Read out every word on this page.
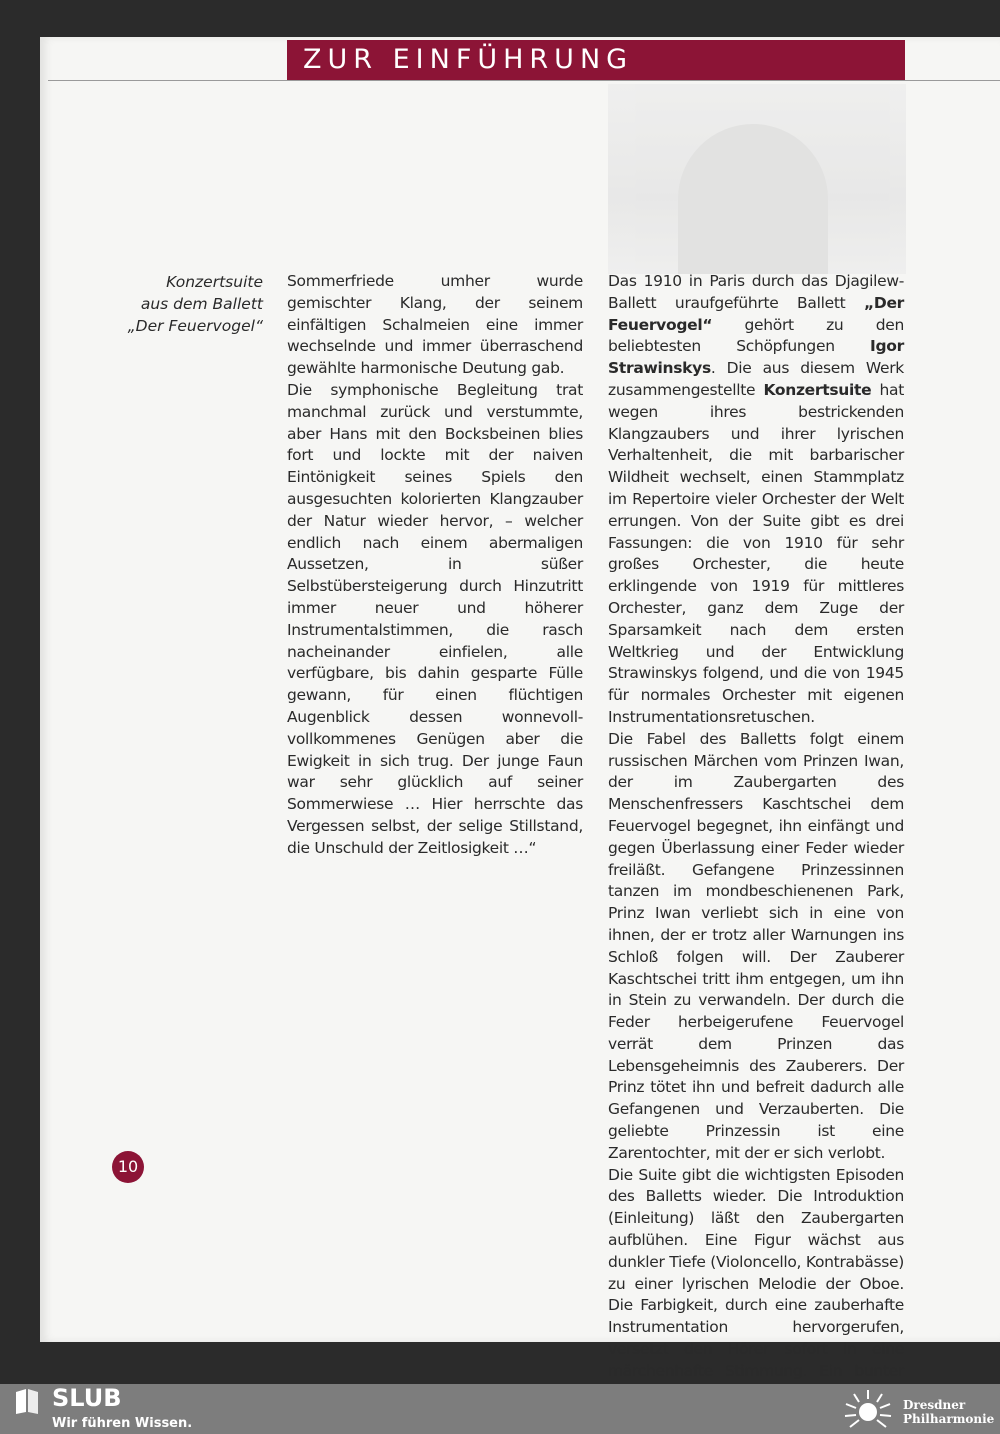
ZUR EINFÜHRUNG
Konzertsuite
aus dem Ballett
„Der Feuervogel“

Sommerfriede umher wurde gemischter Klang, der seinem einfältigen Schalmeien eine immer wechselnde und immer überraschend gewählte harmonische Deutung gab.

Die symphonische Begleitung trat manchmal zurück und verstummte, aber Hans mit den Bocksbeinen blies fort und lockte mit der naiven Eintönigkeit seines Spiels den ausgesuchten kolorierten Klangzauber der Natur wieder hervor, – welcher endlich nach einem abermaligen Aussetzen, in süßer Selbstübersteigerung durch Hinzutritt immer neuer und höherer Instrumentalstimmen, die rasch nacheinander einfielen, alle verfügbare, bis dahin gesparte Fülle gewann, für einen flüchtigen Augenblick dessen wonnevoll-vollkommenes Genügen aber die Ewigkeit in sich trug. Der junge Faun war sehr glücklich auf seiner Sommerwiese … Hier herrschte das Vergessen selbst, der selige Stillstand, die Unschuld der Zeitlosigkeit …“

Das 1910 in Paris durch das Djagilew-Ballett uraufgeführte Ballett „Der Feuervogel“ gehört zu den beliebtesten Schöpfungen Igor Strawinskys. Die aus diesem Werk zusammengestellte Konzertsuite hat wegen ihres bestrickenden Klangzaubers und ihrer lyrischen Verhaltenheit, die mit barbarischer Wildheit wechselt, einen Stammplatz im Repertoire vieler Orchester der Welt errungen. Von der Suite gibt es drei Fassungen: die von 1910 für sehr großes Orchester, die heute erklingende von 1919 für mittleres Orchester, ganz dem Zuge der Sparsamkeit nach dem ersten Weltkrieg und der Entwicklung Strawinskys folgend, und die von 1945 für normales Orchester mit eigenen Instrumentationsretuschen.

Die Fabel des Balletts folgt einem russischen Märchen vom Prinzen Iwan, der im Zaubergarten des Menschenfressers Kaschtschei dem Feuervogel begegnet, ihn einfängt und gegen Überlassung einer Feder wieder freiläßt. Gefangene Prinzessinnen tanzen im mondbeschienenen Park, Prinz Iwan verliebt sich in eine von ihnen, der er trotz aller Warnungen ins Schloß folgen will. Der Zauberer Kaschtschei tritt ihm entgegen, um ihn in Stein zu verwandeln. Der durch die Feder herbeigerufene Feuervogel verrät dem Prinzen das Lebensgeheimnis des Zauberers. Der Prinz tötet ihn und befreit dadurch alle Gefangenen und Verzauberten. Die geliebte Prinzessin ist eine Zarentochter, mit der er sich verlobt.

Die Suite gibt die wichtigsten Episoden des Balletts wieder. Die Introduktion (Einleitung) läßt den Zaubergarten aufblühen. Eine Figur wächst aus dunkler Tiefe (Violoncello, Kontrabässe) zu einer lyrischen Melodie der Oboe. Die Farbigkeit, durch eine zauberhafte Instrumentation hervorgerufen, versetzt den Hörer sofort in eine märchenhafte Stimmung. Ein bunter

10
SLUB
Wir führen Wissen.
Dresdner
Philharmonie
